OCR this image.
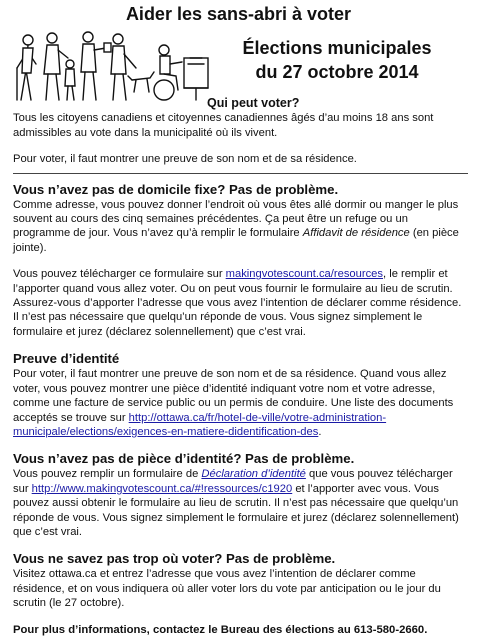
Aider les sans-abri à voter
Élections municipales
du 27 octobre 2014

Qui peut voter?

Tous les citoyens canadiens et citoyennes canadiennes âgés d’au moins 18 ans sont admissibles au vote dans la municipalité où ils vivent.

Pour voter, il faut montrer une preuve de son nom et de sa résidence.

Vous n’avez pas de domicile fixe? Pas de problème.

Comme adresse, vous pouvez donner l’endroit où vous êtes allé dormir ou manger le plus souvent au cours des cinq semaines précédentes. Ça peut être un refuge ou un programme de jour. Vous n’avez qu’à remplir le formulaire Affidavit de résidence (en pièce jointe).

Vous pouvez télécharger ce formulaire sur makingvotescount.ca/resources, le remplir et l’apporter quand vous allez voter. Ou on peut vous fournir le formulaire au lieu de scrutin. Assurez-vous d’apporter l’adresse que vous avez l’intention de déclarer comme résidence. Il n’est pas nécessaire que quelqu’un réponde de vous. Vous signez simplement le formulaire et jurez (déclarez solennellement) que c’est vrai.

Preuve d’identité

Pour voter, il faut montrer une preuve de son nom et de sa résidence. Quand vous allez voter, vous pouvez montrer une pièce d’identité indiquant votre nom et votre adresse, comme une facture de service public ou un permis de conduire. Une liste des documents acceptés se trouve sur http://ottawa.ca/fr/hotel-de-ville/votre-administration-municipale/elections/exigences-en-matiere-didentification-des.

Vous n’avez pas de pièce d’identité? Pas de problème.

Vous pouvez remplir un formulaire de Déclaration d’identité que vous pouvez télécharger sur http://www.makingvotescount.ca/#!ressources/c1920 et l’apporter avec vous. Vous pouvez aussi obtenir le formulaire au lieu de scrutin. Il n’est pas nécessaire que quelqu’un réponde de vous. Vous signez simplement le formulaire et jurez (déclarez solennellement) que c’est vrai.

Vous ne savez pas trop où voter? Pas de problème.

Visitez ottawa.ca et entrez l’adresse que vous avez l’intention de déclarer comme résidence, et on vous indiquera où aller voter lors du vote par anticipation ou le jour du scrutin (le 27 octobre).

Pour plus d’informations, contactez le Bureau des élections au 613-580-2660.
